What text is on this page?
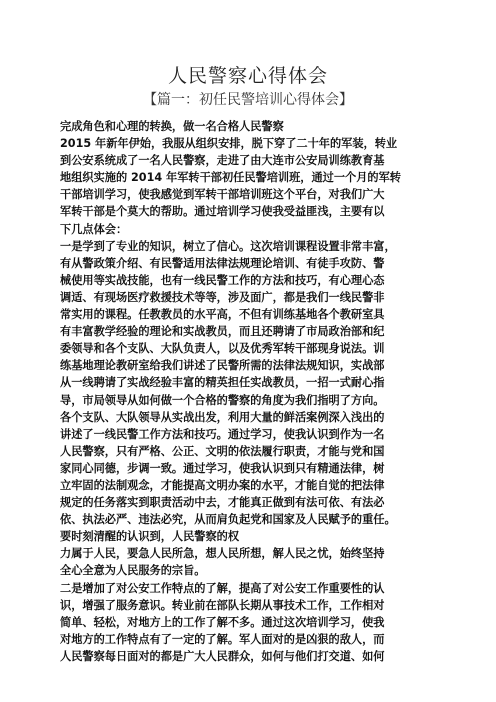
人民警察心得体会
【篇一：初任民警培训心得体会】
完成角色和心理的转换，做一名合格人民警察
2015 年新年伊始，我服从组织安排，脱下穿了二十年的军装，转业
到公安系统成了一名人民警察，走进了由大连市公安局训练教育基
地组织实施的 2014 年军转干部初任民警培训班，通过一个月的军转
干部培训学习，使我感觉到军转干部培训班这个平台，对我们广大
军转干部是个莫大的帮助。通过培训学习使我受益匪浅，主要有以
下几点体会：
一是学到了专业的知识，树立了信心。这次培训课程设置非常丰富，
有从警政策介绍、有民警适用法律法规理论培训、有徒手攻防、警
械使用等实战技能，也有一线民警工作的方法和技巧，有心理心态
调适、有现场医疗救援技术等等，涉及面广，都是我们一线民警非
常实用的课程。任教教员的水平高，不但有训练基地各个教研室具
有丰富教学经验的理论和实战教员，而且还聘请了市局政治部和纪
委领导和各个支队、大队负责人，以及优秀军转干部现身说法。训
练基地理论教研室给我们讲述了民警所需的法律法规知识，实战部
从一线聘请了实战经验丰富的精英担任实战教员，一招一式耐心指
导，市局领导从如何做一个合格的警察的角度为我们指明了方向。
各个支队、大队领导从实战出发，利用大量的鲜活案例深入浅出的
讲述了一线民警工作方法和技巧。通过学习，使我认识到作为一名
人民警察，只有严格、公正、文明的依法履行职责，才能与党和国
家同心同德，步调一致。通过学习，使我认识到只有精通法律，树
立牢固的法制观念，才能提高文明办案的水平，才能自觉的把法律
规定的任务落实到职责活动中去，才能真正做到有法可依、有法必
依、执法必严、违法必究，从而肩负起党和国家及人民赋予的重任。
要时刻清醒的认识到，人民警察的权
力属于人民，要急人民所急，想人民所想，解人民之忧，始终坚持
全心全意为人民服务的宗旨。
二是增加了对公安工作特点的了解，提高了对公安工作重要性的认
识，增强了服务意识。转业前在部队长期从事技术工作，工作相对
简单、轻松，对地方上的工作了解不多。通过这次培训学习，使我
对地方的工作特点有了一定的了解。军人面对的是凶狠的敌人，而
人民警察每日面对的都是广大人民群众，如何与他们打交道、如何
